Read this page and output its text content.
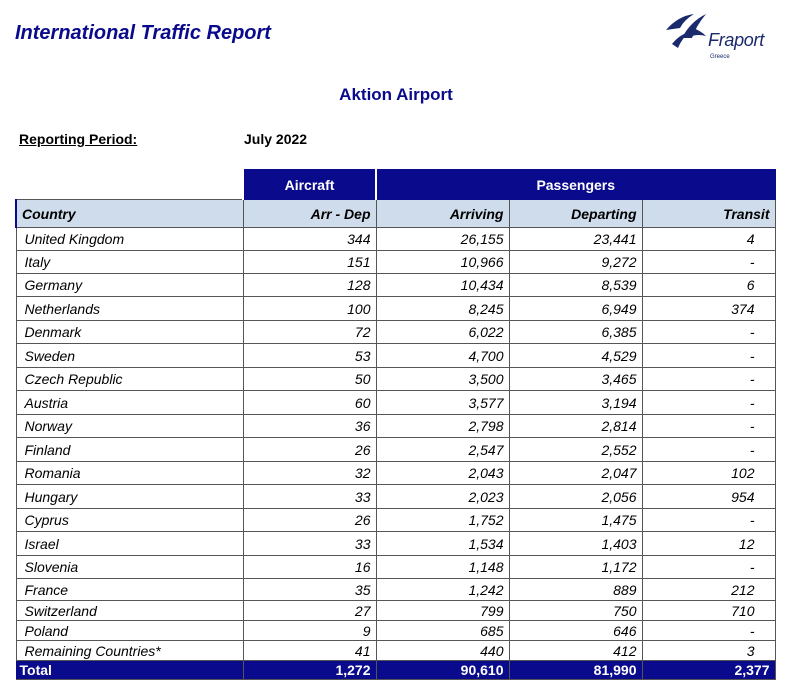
International Traffic Report	Fraport
Greece
Aktion Airport
Reporting Period:	July 2022
	Aircraft	Passengers		
Country	Arr - Dep	Arriving	Departing	Transit
United Kingdom	344	26,155	23,441	4
Italy	151	10,966	9,272	-
Germany	128	10,434	8,539	6
Netherlands	100	8,245	6,949	374
Denmark	72	6,022	6,385	-
Sweden	53	4,700	4,529	-
Czech Republic	50	3,500	3,465	-
Austria	60	3,577	3,194	-
Norway	36	2,798	2,814	-
Finland	26	2,547	2,552	-
Romania	32	2,043	2,047	102
Hungary	33	2,023	2,056	954
Cyprus	26	1,752	1,475	-
Israel	33	1,534	1,403	12
Slovenia	16	1,148	1,172	-
France	35	1,242	889	212
Switzerland	27	799	750	710
Poland	9	685	646	-
Remaining Countries*	41	440	412	3
Total	1,272	90,610	81,990	2,377
